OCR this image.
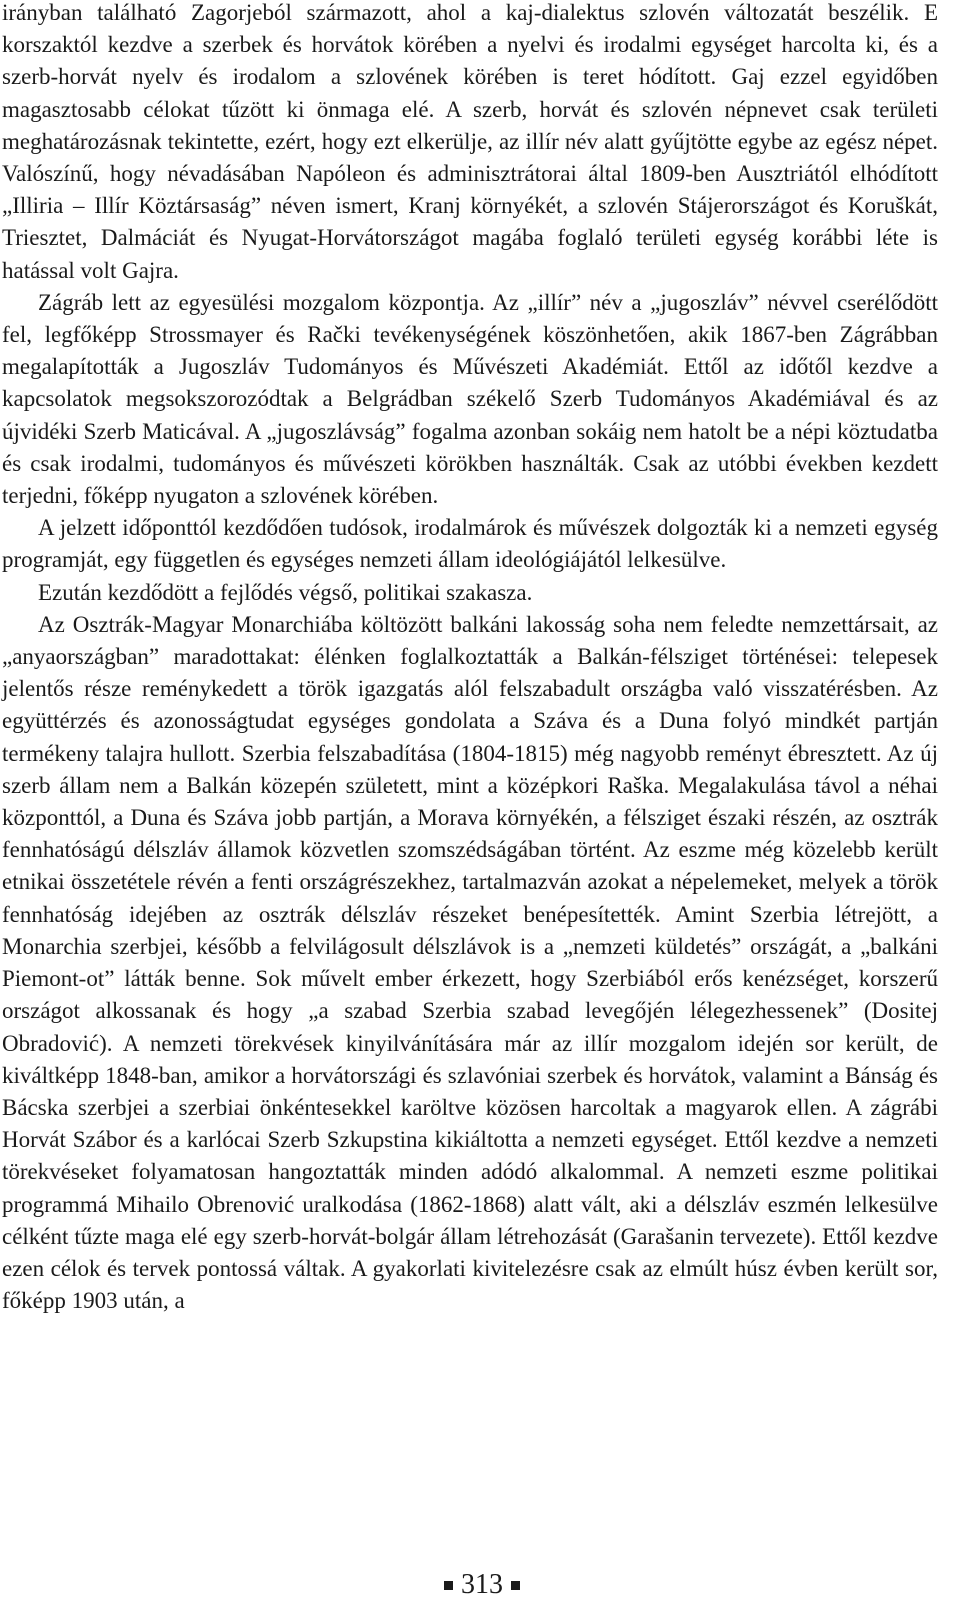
irányban található Zagorjeból származott, ahol a kaj-dialektus szlovén változatát beszélik. E korszaktól kezdve a szerbek és horvátok körében a nyelvi és irodalmi egységet harcolta ki, és a szerb-horvát nyelv és irodalom a szlovének körében is teret hódított. Gaj ezzel egyidőben magasztosabb célokat tűzött ki önmaga elé. A szerb, horvát és szlovén népnevet csak területi meghatározásnak tekintette, ezért, hogy ezt elkerülje, az illír név alatt gyűjtötte egybe az egész népet. Valószínű, hogy névadásában Napóleon és adminisztrátorai által 1809-ben Ausztriától elhódított „Illiria – Illír Köztársaság” néven ismert, Kranj környékét, a szlovén Stájerországot és Koruškát, Triesztet, Dalmáciát és Nyugat-Horvátországot magába foglaló területi egység korábbi léte is hatással volt Gajra.

Zágráb lett az egyesülési mozgalom központja. Az „illír” név a „jugoszláv” névvel cserélődött fel, legfőképp Strossmayer és Rački tevékenységének köszönhetően, akik 1867-ben Zágrábban megalapították a Jugoszláv Tudományos és Művészeti Akadémiát. Ettől az időtől kezdve a kapcsolatok megsokszorozódtak a Belgrádban székelő Szerb Tudományos Akadémiával és az újvidéki Szerb Maticával. A „jugoszlávság” fogalma azonban sokáig nem hatolt be a népi köztudatba és csak irodalmi, tudományos és művészeti körökben használták. Csak az utóbbi években kezdett terjedni, főképp nyugaton a szlovének körében.

A jelzett időponttól kezdődően tudósok, irodalmárok és művészek dolgozták ki a nemzeti egység programját, egy független és egységes nemzeti állam ideológiájától lelkesülve.

Ezután kezdődött a fejlődés végső, politikai szakasza.

Az Osztrák-Magyar Monarchiába költözött balkáni lakosság soha nem feledte nemzettársait, az „anyaországban” maradottakat: élénken foglalkoztatták a Balkán-félsziget történései: telepesek jelentős része reménykedett a török igazgatás alól felszabadult országba való visszatérésben. Az együttérzés és azonosságtudat egységes gondolata a Száva és a Duna folyó mindkét partján termékeny talajra hullott. Szerbia felszabadítása (1804-1815) még nagyobb reményt ébresztett. Az új szerb állam nem a Balkán közepén született, mint a középkori Raška. Megalakulása távol a néhai központtól, a Duna és Száva jobb partján, a Morava környékén, a félsziget északi részén, az osztrák fennhatóságú délszláv államok közvetlen szomszédságában történt. Az eszme még közelebb került etnikai összetétele révén a fenti országrészekhez, tartalmazván azokat a népelemeket, melyek a török fennhatóság idejében az osztrák délszláv részeket benépesítették. Amint Szerbia létrejött, a Monarchia szerbjei, később a felvilágosult délszlávok is a „nemzeti küldetés” országát, a „balkáni Piemont-ot” látták benne. Sok művelt ember érkezett, hogy Szerbiából erős kenézséget, korszerű országot alkossanak és hogy „a szabad Szerbia szabad levegőjén lélegezhessenek” (Dositej Obradović). A nemzeti törekvések kinyilvánítására már az illír mozgalom idején sor került, de kiváltképp 1848-ban, amikor a horvátországi és szlavóniai szerbek és horvátok, valamint a Bánság és Bácska szerbjei a szerbiai önkéntesekkel karöltve közösen harcoltak a magyarok ellen. A zágrábi Horvát Szábor és a karlócai Szerb Szkupstina kikiáltotta a nemzeti egységet. Ettől kezdve a nemzeti törekvéseket folyamatosan hangoztatták minden adódó alkalommal. A nemzeti eszme politikai programmá Mihailo Obrenović uralkodása (1862-1868) alatt vált, aki a délszláv eszmén lelkesülve célként tűzte maga elé egy szerb-horvát-bolgár állam létrehozását (Garašanin tervezete). Ettől kezdve ezen célok és tervek pontossá váltak. A gyakorlati kivitelezésre csak az elmúlt húsz évben került sor, főképp 1903 után, a

313
